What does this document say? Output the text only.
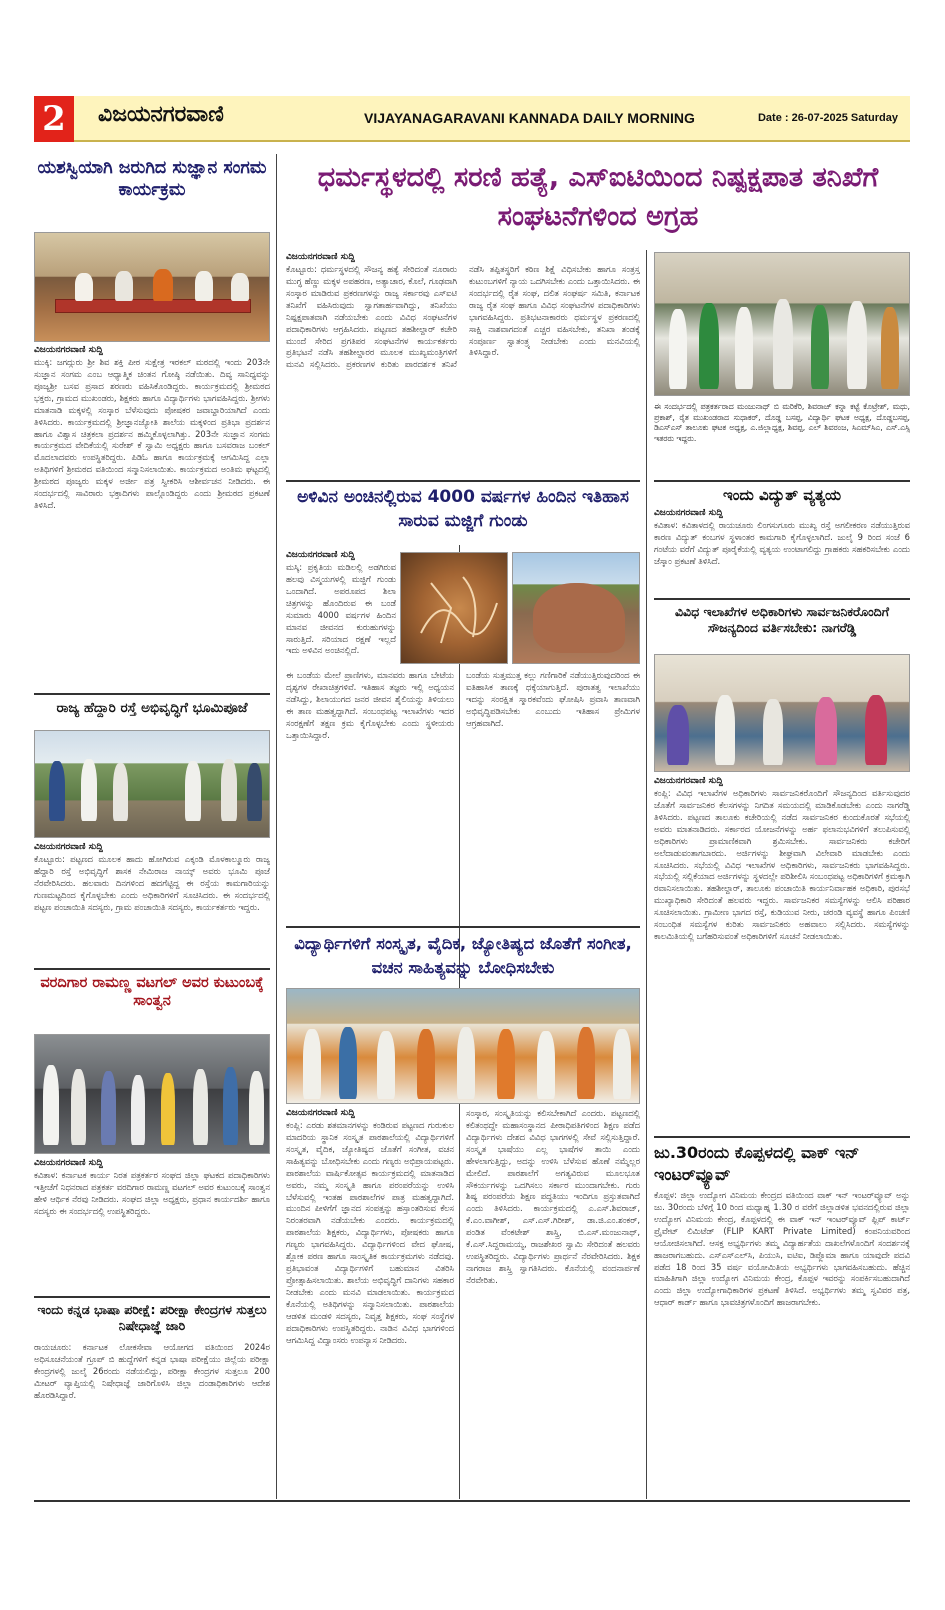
2	ವಿಜಯನಗರವಾಣಿ	VIJAYANAGARAVANI KANNADA DAILY MORNING	Date : 26-07-2025 Saturday
ಯಶಸ್ವಿಯಾಗಿ ಜರುಗಿದ ಸುಜ್ಞಾನ ಸಂಗಮ ಕಾರ್ಯಕ್ರಮ
ವಿಜಯನಗರವಾಣಿ ಸುದ್ದಿ
ಮುಕ್ಕಿ: ಜಗದ್ಗುರು ಶ್ರೀ ಶಿವ ಶಕ್ತಿ ಪೀಠ ಸುಕ್ಷೇತ್ರ ಇರಕಲ್ ಮಠದಲ್ಲಿ ಇಂದು 203ನೇ ಸುಜ್ಞಾನ ಸಂಗಮ ಎಂಬ ಆಧ್ಯಾತ್ಮಿಕ ಚಿಂತನ ಗೋಷ್ಠಿ ನಡೆಯಿತು. ದಿವ್ಯ ಸಾನಿಧ್ಯವನ್ನು ಪೂಜ್ಯಶ್ರೀ ಬಸವ ಪ್ರಸಾದ ಶರಣರು ವಹಿಸಿಕೊಂಡಿದ್ದರು. ಕಾರ್ಯಕ್ರಮದಲ್ಲಿ ಶ್ರೀಮಠದ ಭಕ್ತರು, ಗ್ರಾಮದ ಮುಖಂಡರು, ಶಿಕ್ಷಕರು ಹಾಗೂ ವಿದ್ಯಾರ್ಥಿಗಳು ಭಾಗವಹಿಸಿದ್ದರು. ಶ್ರೀಗಳು ಮಾತನಾಡಿ ಮಕ್ಕಳಲ್ಲಿ ಸಂಸ್ಕಾರ ಬೆಳೆಸುವುದು ಪೋಷಕರ ಜವಾಬ್ದಾರಿಯಾಗಿದೆ ಎಂದು ತಿಳಿಸಿದರು. ಕಾರ್ಯಕ್ರಮದಲ್ಲಿ ಶ್ರೀಜ್ಞಾನಜ್ಯೋತಿ ಶಾಲೆಯ ಮಕ್ಕಳಿಂದ ಪ್ರತಿಭಾ ಪ್ರದರ್ಶನ ಹಾಗೂ ವಿಶ್ವಾಸ ಚಿತ್ರಕಲಾ ಪ್ರದರ್ಶನ ಹಮ್ಮಿಕೊಳ್ಳಲಾಗಿತ್ತು. 203ನೇ ಸುಜ್ಞಾನ ಸಂಗಮ ಕಾರ್ಯಕ್ರಮದ ವೇದಿಕೆಯಲ್ಲಿ ಸುರೇಶ್ ಕೆ ಸ್ವಾಮಿ ಅಧ್ಯಕ್ಷರು ಹಾಗೂ ಬಸವರಾಜ ಬಂಕಲ್ ಮೊದಲಾದವರು ಉಪಸ್ಥಿತರಿದ್ದರು. ಪಿಡಿಓ ಹಾಗೂ ಕಾರ್ಯಕ್ರಮಕ್ಕೆ ಆಗಮಿಸಿದ್ದ ಎಲ್ಲಾ ಅತಿಥಿಗಳಿಗೆ ಶ್ರೀಮಠದ ವತಿಯಿಂದ ಸನ್ಮಾನಿಸಲಾಯಿತು. ಕಾರ್ಯಕ್ರಮದ ಅಂತಿಮ ಘಟ್ಟದಲ್ಲಿ ಶ್ರೀಮಠದ ಪೂಜ್ಯರು ಮಕ್ಕಳ ಅರ್ಜೀ ಪತ್ರ ಸ್ವೀಕರಿಸಿ ಆಶೀರ್ವಚನ ನೀಡಿದರು. ಈ ಸಂದರ್ಭದಲ್ಲಿ ಸಾವಿರಾರು ಭಕ್ತಾದಿಗಳು ಪಾಲ್ಗೊಂಡಿದ್ದರು ಎಂದು ಶ್ರೀಮಠದ ಪ್ರಕಟಣೆ ತಿಳಿಸಿದೆ.
ರಾಜ್ಯ ಹೆದ್ದಾರಿ ರಸ್ತೆ ಅಭಿವೃದ್ಧಿಗೆ ಭೂಮಿಪೂಜೆ
ವಿಜಯನಗರವಾಣಿ ಸುದ್ದಿ
ಕೊಟ್ಟೂರು: ಪಟ್ಟಣದ ಮೂಲಕ ಹಾದು ಹೋಗಿರುವ ಎಕ್ಕಂಡಿ ಮೊಳಕಾಲ್ಮೂರು ರಾಜ್ಯ ಹೆದ್ದಾರಿ ರಸ್ತೆ ಅಭಿವೃದ್ಧಿಗೆ ಶಾಸಕ ನೇಮಿರಾಜ ನಾಯ್ಕ್ ಅವರು ಭೂಮಿ ಪೂಜೆ ನೆರವೇರಿಸಿದರು. ಹಲವಾರು ದಿನಗಳಿಂದ ಹದಗೆಟ್ಟಿದ್ದ ಈ ರಸ್ತೆಯ ಕಾಮಗಾರಿಯನ್ನು ಗುಣಮಟ್ಟದಿಂದ ಕೈಗೊಳ್ಳಬೇಕು ಎಂದು ಅಧಿಕಾರಿಗಳಿಗೆ ಸೂಚಿಸಿದರು. ಈ ಸಂದರ್ಭದಲ್ಲಿ ಪಟ್ಟಣ ಪಂಚಾಯಿತಿ ಸದಸ್ಯರು, ಗ್ರಾಮ ಪಂಚಾಯಿತಿ ಸದಸ್ಯರು, ಕಾರ್ಯಕರ್ತರು ಇದ್ದರು.
ವರದಿಗಾರ ರಾಮಣ್ಣ ವಟಗಲ್ ಅವರ ಕುಟುಂಬಕ್ಕೆ ಸಾಂತ್ವನ
ವಿಜಯನಗರವಾಣಿ ಸುದ್ದಿ
ಕವಿತಾಳ: ಕರ್ನಾಟಕ ಕಾರ್ಯ ನಿರತ ಪತ್ರಕರ್ತರ ಸಂಘದ ಜಿಲ್ಲಾ ಘಟಕದ ಪದಾಧಿಕಾರಿಗಳು ಇತ್ತೀಚೆಗೆ ನಿಧನರಾದ ಪತ್ರಕರ್ತ ವರದಿಗಾರ ರಾಮಣ್ಣ ವಟಗಲ್ ಅವರ ಕುಟುಂಬಕ್ಕೆ ಸಾಂತ್ವನ ಹೇಳಿ ಆರ್ಥಿಕ ನೆರವು ನೀಡಿದರು. ಸಂಘದ ಜಿಲ್ಲಾ ಅಧ್ಯಕ್ಷರು, ಪ್ರಧಾನ ಕಾರ್ಯದರ್ಶಿ ಹಾಗೂ ಸದಸ್ಯರು ಈ ಸಂದರ್ಭದಲ್ಲಿ ಉಪಸ್ಥಿತರಿದ್ದರು.
ಇಂದು ಕನ್ನಡ ಭಾಷಾ ಪರೀಕ್ಷೆ: ಪರೀಕ್ಷಾ ಕೇಂದ್ರಗಳ ಸುತ್ತಲು ನಿಷೇಧಾಜ್ಞೆ ಜಾರಿ
ರಾಯಚೂರು: ಕರ್ನಾಟಕ ಲೋಕಸೇವಾ ಆಯೋಗದ ವತಿಯಿಂದ 2024ರ ಅಧಿಸೂಚನೆಯಂತೆ ಗ್ರೂಪ್ ಬಿ ಹುದ್ದೆಗಳಿಗೆ ಕನ್ನಡ ಭಾಷಾ ಪರೀಕ್ಷೆಯು ಜಿಲ್ಲೆಯ ಪರೀಕ್ಷಾ ಕೇಂದ್ರಗಳಲ್ಲಿ ಜುಲೈ 26ರಂದು ನಡೆಯಲಿದ್ದು, ಪರೀಕ್ಷಾ ಕೇಂದ್ರಗಳ ಸುತ್ತಲೂ 200 ಮೀಟರ್ ವ್ಯಾಪ್ತಿಯಲ್ಲಿ ನಿಷೇಧಾಜ್ಞೆ ಜಾರಿಗೊಳಿಸಿ ಜಿಲ್ಲಾ ದಂಡಾಧಿಕಾರಿಗಳು ಆದೇಶ ಹೊರಡಿಸಿದ್ದಾರೆ.
ಧರ್ಮಸ್ಥಳದಲ್ಲಿ ಸರಣಿ ಹತ್ಯೆ, ಎಸ್‌ಐಟಿಯಿಂದ ನಿಷ್ಪಕ್ಷಪಾತ ತನಿಖೆಗೆ ಸಂಘಟನೆಗಳಿಂದ ಅಗ್ರಹ
ವಿಜಯನಗರವಾಣಿ ಸುದ್ದಿ
ಕೊಟ್ಟೂರು: ಧರ್ಮಸ್ಥಳದಲ್ಲಿ ಸೌಜನ್ಯ ಹತ್ಯೆ ಸೇರಿದಂತೆ ನೂರಾರು ಮುಗ್ಧ ಹೆಣ್ಣು ಮಕ್ಕಳ ಅಪಹರಣ, ಅತ್ಯಾಚಾರ, ಕೊಲೆ, ಗೂಢವಾಗಿ ಸಂಸ್ಕಾರ ಮಾಡಿರುವ ಪ್ರಕರಣಗಳನ್ನು ರಾಜ್ಯ ಸರ್ಕಾರವು ಎಸ್ಐಟಿ ತನಿಖೆಗೆ ವಹಿಸಿರುವುದು ಸ್ವಾಗತಾರ್ಹವಾಗಿದ್ದು, ತನಿಖೆಯು ನಿಷ್ಪಕ್ಷಪಾತವಾಗಿ ನಡೆಯಬೇಕು ಎಂದು ವಿವಿಧ ಸಂಘಟನೆಗಳ ಪದಾಧಿಕಾರಿಗಳು ಆಗ್ರಹಿಸಿದರು. ಪಟ್ಟಣದ ತಹಶೀಲ್ದಾರ್ ಕಚೇರಿ ಮುಂದೆ ಸೇರಿದ ಪ್ರಗತಿಪರ ಸಂಘಟನೆಗಳ ಕಾರ್ಯಕರ್ತರು ಪ್ರತಿಭಟನೆ ನಡೆಸಿ ತಹಶೀಲ್ದಾರರ ಮೂಲಕ ಮುಖ್ಯಮಂತ್ರಿಗಳಿಗೆ ಮನವಿ ಸಲ್ಲಿಸಿದರು. ಪ್ರಕರಣಗಳ ಕುರಿತು ಪಾರದರ್ಶಕ ತನಿಖೆ ನಡೆಸಿ ತಪ್ಪಿತಸ್ಥರಿಗೆ ಕಠಿಣ ಶಿಕ್ಷೆ ವಿಧಿಸಬೇಕು ಹಾಗೂ ಸಂತ್ರಸ್ತ ಕುಟುಂಬಗಳಿಗೆ ನ್ಯಾಯ ಒದಗಿಸಬೇಕು ಎಂದು ಒತ್ತಾಯಿಸಿದರು. ಈ ಸಂದರ್ಭದಲ್ಲಿ ರೈತ ಸಂಘ, ದಲಿತ ಸಂಘರ್ಷ ಸಮಿತಿ, ಕರ್ನಾಟಕ ರಾಜ್ಯ ರೈತ ಸಂಘ ಹಾಗೂ ವಿವಿಧ ಸಂಘಟನೆಗಳ ಪದಾಧಿಕಾರಿಗಳು ಭಾಗವಹಿಸಿದ್ದರು. ಪ್ರತಿಭಟನಾಕಾರರು ಧರ್ಮಸ್ಥಳ ಪ್ರಕರಣದಲ್ಲಿ ಸಾಕ್ಷಿ ನಾಶವಾಗದಂತೆ ಎಚ್ಚರ ವಹಿಸಬೇಕು, ತನಿಖಾ ತಂಡಕ್ಕೆ ಸಂಪೂರ್ಣ ಸ್ವಾತಂತ್ರ್ಯ ನೀಡಬೇಕು ಎಂದು ಮನವಿಯಲ್ಲಿ ತಿಳಿಸಿದ್ದಾರೆ.
ಈ ಸಂದರ್ಭದಲ್ಲಿ ಪತ್ರಕರ್ತರಾದ ಮಂಜುನಾಥ್ ಬಿ ಮರಿಕೆರಿ, ಶಿವರಾಜ್ ಕನ್ನಾ ಕಟ್ಟೆ ಕೊಟ್ರೇಶ್, ಮಧು, ಪ್ರಕಾಶ್, ರೈತ ಮುಖಂಡರಾದ ಸುಧಾಕರ್, ದೊಡ್ಡ ಬಸಪ್ಪ, ವಿದ್ಯಾರ್ಥಿ ಘಟಕ ಅಧ್ಯಕ್ಷ, ದೊಡ್ಡಬಸಪ್ಪ, ಡಿಎಸ್‌ಎಸ್ ತಾಲೂಕು ಘಟಕ ಅಧ್ಯಕ್ಷ, ಎ.ಜಿಲ್ಲಾಧ್ಯಕ್ಷ, ಶಿವಪ್ಪ, ಎಲ್ ಶಿವರಂಜ, ಸಿಎಮ್‌ಸಿಎ, ಎಸ್.ಎಸ್ಸಿ ಇತರರು ಇದ್ದರು.
ಅಳಿವಿನ ಅಂಚಿನಲ್ಲಿರುವ 4000 ವರ್ಷಗಳ ಹಿಂದಿನ ಇತಿಹಾಸ ಸಾರುವ ಮಜ್ಜಿಗೆ ಗುಂಡು
ವಿಜಯನಗರವಾಣಿ ಸುದ್ದಿ
ಮಸ್ಕಿ: ಪ್ರಕೃತಿಯ ಮಡಿಲಲ್ಲಿ ಅಡಗಿರುವ ಹಲವು ವಿಸ್ಮಯಗಳಲ್ಲಿ ಮಜ್ಜಿಗೆ ಗುಂಡು ಒಂದಾಗಿದೆ. ಅಪರೂಪದ ಶಿಲಾ ಚಿತ್ರಗಳನ್ನು ಹೊಂದಿರುವ ಈ ಬಂಡೆ ಸುಮಾರು 4000 ವರ್ಷಗಳ ಹಿಂದಿನ ಮಾನವ ಜೀವನದ ಕುರುಹುಗಳನ್ನು ಸಾರುತ್ತಿದೆ. ಸರಿಯಾದ ರಕ್ಷಣೆ ಇಲ್ಲದೆ ಇದು ಅಳಿವಿನ ಅಂಚಿನಲ್ಲಿದೆ.
ಈ ಬಂಡೆಯ ಮೇಲೆ ಪ್ರಾಣಿಗಳು, ಮಾನವರು ಹಾಗೂ ಬೇಟೆಯ ದೃಶ್ಯಗಳ ರೇಖಾಚಿತ್ರಗಳಿವೆ. ಇತಿಹಾಸ ತಜ್ಞರು ಇಲ್ಲಿ ಅಧ್ಯಯನ ನಡೆಸಿದ್ದು, ಶಿಲಾಯುಗದ ಜನರ ಜೀವನ ಶೈಲಿಯನ್ನು ತಿಳಿಯಲು ಈ ತಾಣ ಮಹತ್ವದ್ದಾಗಿದೆ. ಸಂಬಂಧಪಟ್ಟ ಇಲಾಖೆಗಳು ಇದರ ಸಂರಕ್ಷಣೆಗೆ ತಕ್ಷಣ ಕ್ರಮ ಕೈಗೊಳ್ಳಬೇಕು ಎಂದು ಸ್ಥಳೀಯರು ಒತ್ತಾಯಿಸಿದ್ದಾರೆ.
ಬಂಡೆಯ ಸುತ್ತಮುತ್ತ ಕಲ್ಲು ಗಣಿಗಾರಿಕೆ ನಡೆಯುತ್ತಿರುವುದರಿಂದ ಈ ಐತಿಹಾಸಿಕ ತಾಣಕ್ಕೆ ಧಕ್ಕೆಯಾಗುತ್ತಿದೆ. ಪುರಾತತ್ವ ಇಲಾಖೆಯು ಇದನ್ನು ಸಂರಕ್ಷಿತ ಸ್ಮಾರಕವೆಂದು ಘೋಷಿಸಿ ಪ್ರವಾಸಿ ತಾಣವಾಗಿ ಅಭಿವೃದ್ಧಿಪಡಿಸಬೇಕು ಎಂಬುದು ಇತಿಹಾಸ ಪ್ರೇಮಿಗಳ ಆಗ್ರಹವಾಗಿದೆ.
ವಿದ್ಯಾರ್ಥಿಗಳಿಗೆ ಸಂಸ್ಕೃತ, ವೈದಿಕ, ಜ್ಯೋತಿಷ್ಯದ ಜೊತೆಗೆ ಸಂಗೀತ, ವಚನ ಸಾಹಿತ್ಯವನ್ನು ಬೋಧಿಸಬೇಕು
ವಿಜಯನಗರವಾಣಿ ಸುದ್ದಿ
ಕಂಪ್ಲಿ: ಎರಡು ಶತಮಾನಗಳನ್ನು ಕಂಡಿರುವ ಪಟ್ಟಣದ ಗುರುಕುಲ ಮಾದರಿಯ ಸ್ಥಾನಿಕ ಸಂಸ್ಕೃತ ಪಾಠಶಾಲೆಯಲ್ಲಿ ವಿದ್ಯಾರ್ಥಿಗಳಿಗೆ ಸಂಸ್ಕೃತ, ವೈದಿಕ, ಜ್ಯೋತಿಷ್ಯದ ಜೊತೆಗೆ ಸಂಗೀತ, ವಚನ ಸಾಹಿತ್ಯವನ್ನು ಬೋಧಿಸಬೇಕು ಎಂದು ಗಣ್ಯರು ಅಭಿಪ್ರಾಯಪಟ್ಟರು. ಪಾಠಶಾಲೆಯ ವಾರ್ಷಿಕೋತ್ಸವ ಕಾರ್ಯಕ್ರಮದಲ್ಲಿ ಮಾತನಾಡಿದ ಅವರು, ನಮ್ಮ ಸಂಸ್ಕೃತಿ ಹಾಗೂ ಪರಂಪರೆಯನ್ನು ಉಳಿಸಿ ಬೆಳೆಸುವಲ್ಲಿ ಇಂತಹ ಪಾಠಶಾಲೆಗಳ ಪಾತ್ರ ಮಹತ್ವದ್ದಾಗಿದೆ. ಮುಂದಿನ ಪೀಳಿಗೆಗೆ ಜ್ಞಾನದ ಸಂಪತ್ತನ್ನು ಹಸ್ತಾಂತರಿಸುವ ಕೆಲಸ ನಿರಂತರವಾಗಿ ನಡೆಯಬೇಕು ಎಂದರು. ಕಾರ್ಯಕ್ರಮದಲ್ಲಿ ಪಾಠಶಾಲೆಯ ಶಿಕ್ಷಕರು, ವಿದ್ಯಾರ್ಥಿಗಳು, ಪೋಷಕರು ಹಾಗೂ ಗಣ್ಯರು ಭಾಗವಹಿಸಿದ್ದರು. ವಿದ್ಯಾರ್ಥಿಗಳಿಂದ ವೇದ ಘೋಷ, ಶ್ಲೋಕ ಪಠಣ ಹಾಗೂ ಸಾಂಸ್ಕೃತಿಕ ಕಾರ್ಯಕ್ರಮಗಳು ನಡೆದವು. ಪ್ರತಿಭಾವಂತ ವಿದ್ಯಾರ್ಥಿಗಳಿಗೆ ಬಹುಮಾನ ವಿತರಿಸಿ ಪ್ರೋತ್ಸಾಹಿಸಲಾಯಿತು. ಶಾಲೆಯ ಅಭಿವೃದ್ಧಿಗೆ ದಾನಿಗಳು ಸಹಕಾರ ನೀಡಬೇಕು ಎಂದು ಮನವಿ ಮಾಡಲಾಯಿತು. ಕಾರ್ಯಕ್ರಮದ ಕೊನೆಯಲ್ಲಿ ಅತಿಥಿಗಳನ್ನು ಸನ್ಮಾನಿಸಲಾಯಿತು. ಪಾಠಶಾಲೆಯ ಆಡಳಿತ ಮಂಡಳಿ ಸದಸ್ಯರು, ನಿವೃತ್ತ ಶಿಕ್ಷಕರು, ಸಂಘ ಸಂಸ್ಥೆಗಳ ಪದಾಧಿಕಾರಿಗಳು ಉಪಸ್ಥಿತರಿದ್ದರು. ನಾಡಿನ ವಿವಿಧ ಭಾಗಗಳಿಂದ ಆಗಮಿಸಿದ್ದ ವಿದ್ವಾಂಸರು ಉಪನ್ಯಾಸ ನೀಡಿದರು.
ಸಂಸ್ಕಾರ, ಸಂಸ್ಕೃತಿಯನ್ನು ಕಲಿಸಬೇಕಾಗಿದೆ ಎಂದರು. ಪಟ್ಟಣದಲ್ಲಿ ಕಲಿತಂಥದ್ದೇ ಮಹಾಸಂಸ್ಥಾನದ ಪೀಠಾಧಿಪತಿಗಳಿಂದ ಶಿಕ್ಷಣ ಪಡೆದ ವಿದ್ಯಾರ್ಥಿಗಳು ದೇಶದ ವಿವಿಧ ಭಾಗಗಳಲ್ಲಿ ಸೇವೆ ಸಲ್ಲಿಸುತ್ತಿದ್ದಾರೆ. ಸಂಸ್ಕೃತ ಭಾಷೆಯು ಎಲ್ಲ ಭಾಷೆಗಳ ತಾಯಿ ಎಂದು ಹೇಳಲಾಗುತ್ತಿದ್ದು, ಅದನ್ನು ಉಳಿಸಿ ಬೆಳೆಸುವ ಹೊಣೆ ನಮ್ಮೆಲ್ಲರ ಮೇಲಿದೆ. ಪಾಠಶಾಲೆಗೆ ಅಗತ್ಯವಿರುವ ಮೂಲಭೂತ ಸೌಕರ್ಯಗಳನ್ನು ಒದಗಿಸಲು ಸರ್ಕಾರ ಮುಂದಾಗಬೇಕು. ಗುರು ಶಿಷ್ಯ ಪರಂಪರೆಯ ಶಿಕ್ಷಣ ಪದ್ಧತಿಯು ಇಂದಿಗೂ ಪ್ರಸ್ತುತವಾಗಿದೆ ಎಂದು ತಿಳಿಸಿದರು. ಕಾರ್ಯಕ್ರಮದಲ್ಲಿ ಎ.ಎಸ್.ಶಿವರಾಜ್, ಕೆ.ಎಂ.ವಾಗೀಶ್, ಎಸ್.ಎಸ್.ಗಿರೀಶ್, ಡಾ.ಜಿ.ಎಂ.ಶಂಕರ್, ಪಂಡಿತ ವೆಂಕಟೇಶ್ ಶಾಸ್ತ್ರಿ, ಬಿ.ಎಸ್.ಮಂಜುನಾಥ್, ಕೆ.ಎಸ್.ಸಿದ್ದರಾಮಯ್ಯ, ರಾಜಶೇಖರ ಸ್ವಾಮಿ ಸೇರಿದಂತೆ ಹಲವರು ಉಪಸ್ಥಿತರಿದ್ದರು. ವಿದ್ಯಾರ್ಥಿಗಳು ಪ್ರಾರ್ಥನೆ ನೆರವೇರಿಸಿದರು. ಶಿಕ್ಷಕ ನಾಗರಾಜ ಶಾಸ್ತ್ರಿ ಸ್ವಾಗತಿಸಿದರು. ಕೊನೆಯಲ್ಲಿ ವಂದನಾರ್ಪಣೆ ನೆರವೇರಿತು.
ಇಂದು ವಿದ್ಯುತ್ ವ್ಯತ್ಯಯ
ವಿಜಯನಗರವಾಣಿ ಸುದ್ದಿ
ಕವಿತಾಳ: ಕವಿತಾಳದಲ್ಲಿ ರಾಯಚೂರು ಲಿಂಗಸುಗೂರು ಮುಖ್ಯ ರಸ್ತೆ ಅಗಲೀಕರಣ ನಡೆಯುತ್ತಿರುವ ಕಾರಣ ವಿದ್ಯುತ್ ಕಂಬಗಳ ಸ್ಥಳಾಂತರ ಕಾಮಗಾರಿ ಕೈಗೊಳ್ಳಲಾಗಿದೆ. ಜುಲೈ 9 ರಿಂದ ಸಂಜೆ 6 ಗಂಟೆಯ ವರೆಗೆ ವಿದ್ಯುತ್ ಪೂರೈಕೆಯಲ್ಲಿ ವ್ಯತ್ಯಯ ಉಂಟಾಗಲಿದ್ದು ಗ್ರಾಹಕರು ಸಹಕರಿಸಬೇಕು ಎಂದು ಜೆಸ್ಕಾಂ ಪ್ರಕಟಣೆ ತಿಳಿಸಿದೆ.
ವಿವಿಧ ಇಲಾಖೆಗಳ ಅಧಿಕಾರಿಗಳು ಸಾರ್ವಜನಿಕರೊಂದಿಗೆ ಸೌಜನ್ಯದಿಂದ ವರ್ತಿಸಬೇಕು: ನಾಗರೆಡ್ಡಿ
ವಿಜಯನಗರವಾಣಿ ಸುದ್ದಿ
ಕಂಪ್ಲಿ: ವಿವಿಧ ಇಲಾಖೆಗಳ ಅಧಿಕಾರಿಗಳು ಸಾರ್ವಜನಿಕರೊಂದಿಗೆ ಸೌಜನ್ಯದಿಂದ ವರ್ತಿಸುವುದರ ಜೊತೆಗೆ ಸಾರ್ವಜನಿಕರ ಕೆಲಸಗಳನ್ನು ನಿಗದಿತ ಸಮಯದಲ್ಲಿ ಮಾಡಿಕೊಡಬೇಕು ಎಂದು ನಾಗರೆಡ್ಡಿ ತಿಳಿಸಿದರು. ಪಟ್ಟಣದ ತಾಲೂಕು ಕಚೇರಿಯಲ್ಲಿ ನಡೆದ ಸಾರ್ವಜನಿಕರ ಕುಂದುಕೊರತೆ ಸಭೆಯಲ್ಲಿ ಅವರು ಮಾತನಾಡಿದರು. ಸರ್ಕಾರದ ಯೋಜನೆಗಳನ್ನು ಅರ್ಹ ಫಲಾನುಭವಿಗಳಿಗೆ ತಲುಪಿಸುವಲ್ಲಿ ಅಧಿಕಾರಿಗಳು ಪ್ರಾಮಾಣಿಕವಾಗಿ ಶ್ರಮಿಸಬೇಕು. ಸಾರ್ವಜನಿಕರು ಕಚೇರಿಗೆ ಅಲೆದಾಡುವಂತಾಗಬಾರದು. ಅರ್ಜಿಗಳನ್ನು ಶೀಘ್ರವಾಗಿ ವಿಲೇವಾರಿ ಮಾಡಬೇಕು ಎಂದು ಸೂಚಿಸಿದರು. ಸಭೆಯಲ್ಲಿ ವಿವಿಧ ಇಲಾಖೆಗಳ ಅಧಿಕಾರಿಗಳು, ಸಾರ್ವಜನಿಕರು ಭಾಗವಹಿಸಿದ್ದರು. ಸಭೆಯಲ್ಲಿ ಸಲ್ಲಿಕೆಯಾದ ಅರ್ಜಿಗಳನ್ನು ಸ್ಥಳದಲ್ಲೇ ಪರಿಶೀಲಿಸಿ ಸಂಬಂಧಪಟ್ಟ ಅಧಿಕಾರಿಗಳಿಗೆ ಕ್ರಮಕ್ಕಾಗಿ ರವಾನಿಸಲಾಯಿತು. ತಹಶೀಲ್ದಾರ್, ತಾಲೂಕು ಪಂಚಾಯಿತಿ ಕಾರ್ಯನಿರ್ವಾಹಕ ಅಧಿಕಾರಿ, ಪುರಸಭೆ ಮುಖ್ಯಾಧಿಕಾರಿ ಸೇರಿದಂತೆ ಹಲವರು ಇದ್ದರು. ಸಾರ್ವಜನಿಕರ ಸಮಸ್ಯೆಗಳನ್ನು ಆಲಿಸಿ ಪರಿಹಾರ ಸೂಚಿಸಲಾಯಿತು. ಗ್ರಾಮೀಣ ಭಾಗದ ರಸ್ತೆ, ಕುಡಿಯುವ ನೀರು, ಚರಂಡಿ ವ್ಯವಸ್ಥೆ ಹಾಗೂ ಪಿಂಚಣಿ ಸಂಬಂಧಿತ ಸಮಸ್ಯೆಗಳ ಕುರಿತು ಸಾರ್ವಜನಿಕರು ಅಹವಾಲು ಸಲ್ಲಿಸಿದರು. ಸಮಸ್ಯೆಗಳನ್ನು ಕಾಲಮಿತಿಯಲ್ಲಿ ಬಗೆಹರಿಸುವಂತೆ ಅಧಿಕಾರಿಗಳಿಗೆ ಸೂಚನೆ ನೀಡಲಾಯಿತು.
ಜು.30ರಂದು ಕೊಪ್ಪಳದಲ್ಲಿ ವಾಕ್ ಇನ್ ಇಂಟರ್‌ವ್ಯೂವ್
ಕೊಪ್ಪಳ: ಜಿಲ್ಲಾ ಉದ್ಯೋಗ ವಿನಿಮಯ ಕೇಂದ್ರದ ವತಿಯಿಂದ ವಾಕ್ ಇನ್ ಇಂಟರ್‌ವ್ಯೂವ್ ಅನ್ನು ಜು. 30ರಂದು ಬೆಳಿಗ್ಗೆ 10 ರಿಂದ ಮಧ್ಯಾಹ್ನ 1.30 ರ ವರೆಗೆ ಜಿಲ್ಲಾಡಳಿತ ಭವನದಲ್ಲಿರುವ ಜಿಲ್ಲಾ ಉದ್ಯೋಗ ವಿನಿಮಯ ಕೇಂದ್ರ, ಕೊಪ್ಪಳದಲ್ಲಿ ಈ ವಾಕ್ ಇನ್ ಇಂಟರ್‌ವ್ಯೂವ್ ಫ್ಲಿಪ್ ಕಾರ್ಟ್ ಪ್ರೈವೇಟ್ ಲಿಮಿಟೆಡ್ (FLIP KART Private Limited) ಕಂಪನಿಯವರಿಂದ ಆಯೋಜಿಸಲಾಗಿದೆ. ಆಸಕ್ತ ಅಭ್ಯರ್ಥಿಗಳು ತಮ್ಮ ವಿದ್ಯಾರ್ಹತೆಯ ದಾಖಲೆಗಳೊಂದಿಗೆ ಸಂದರ್ಶನಕ್ಕೆ ಹಾಜರಾಗಬಹುದು. ಎಸ್‌ಎಸ್‌ಎಲ್‌ಸಿ, ಪಿಯುಸಿ, ಐಟಿಐ, ಡಿಪ್ಲೊಮಾ ಹಾಗೂ ಯಾವುದೇ ಪದವಿ ಪಡೆದ 18 ರಿಂದ 35 ವರ್ಷ ವಯೋಮಿತಿಯ ಅಭ್ಯರ್ಥಿಗಳು ಭಾಗವಹಿಸಬಹುದು. ಹೆಚ್ಚಿನ ಮಾಹಿತಿಗಾಗಿ ಜಿಲ್ಲಾ ಉದ್ಯೋಗ ವಿನಿಮಯ ಕೇಂದ್ರ, ಕೊಪ್ಪಳ ಇವರನ್ನು ಸಂಪರ್ಕಿಸಬಹುದಾಗಿದೆ ಎಂದು ಜಿಲ್ಲಾ ಉದ್ಯೋಗಾಧಿಕಾರಿಗಳ ಪ್ರಕಟಣೆ ತಿಳಿಸಿದೆ. ಅಭ್ಯರ್ಥಿಗಳು ತಮ್ಮ ಸ್ವವಿವರ ಪತ್ರ, ಆಧಾರ್ ಕಾರ್ಡ್ ಹಾಗೂ ಭಾವಚಿತ್ರಗಳೊಂದಿಗೆ ಹಾಜರಾಗಬೇಕು.
